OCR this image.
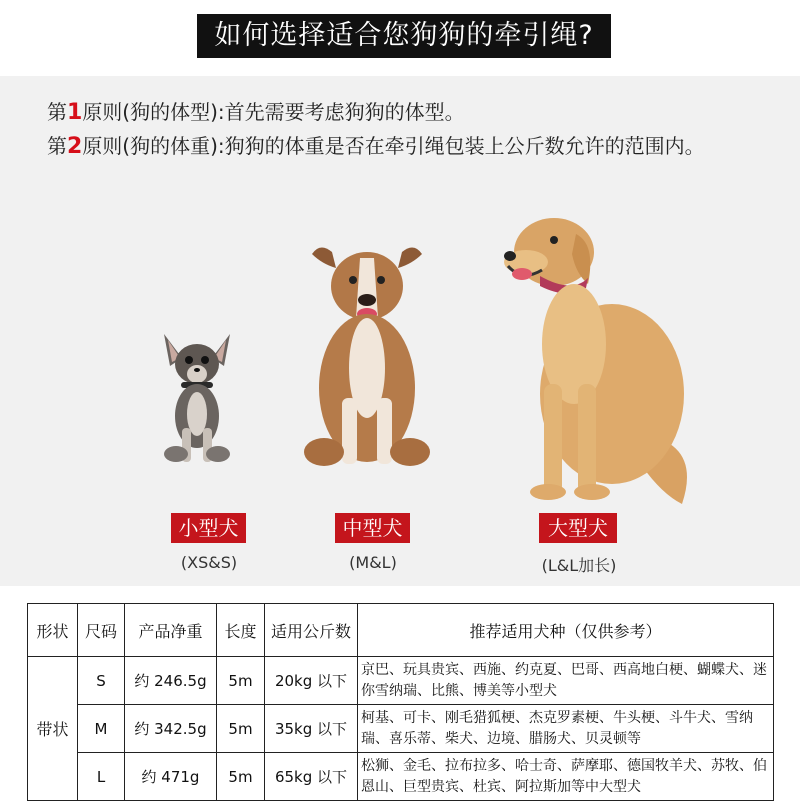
如何选择适合您狗狗的牵引绳?
第1原则(狗的体型):首先需要考虑狗狗的体型。
第2原则(狗的体重):狗狗的体重是否在牵引绳包装上公斤数允许的范围内。
小型犬
(XS&S)
中型犬
(M&L)
大型犬
(L&L加长)
形状	尺码	产品净重	长度	适用公斤数	推荐适用犬种（仅供参考）
带状	S	约 246.5g	5m	20kg 以下	京巴、玩具贵宾、西施、约克夏、巴哥、西高地白梗、蝴蝶犬、迷你雪纳瑞、比熊、博美等小型犬
	M	约 342.5g	5m	35kg 以下	柯基、可卡、刚毛猎狐梗、杰克罗素梗、牛头梗、斗牛犬、雪纳瑞、喜乐蒂、柴犬、边境、腊肠犬、贝灵顿等
	L	约 471g	5m	65kg 以下	松狮、金毛、拉布拉多、哈士奇、萨摩耶、德国牧羊犬、苏牧、伯恩山、巨型贵宾、杜宾、阿拉斯加等中大型犬
